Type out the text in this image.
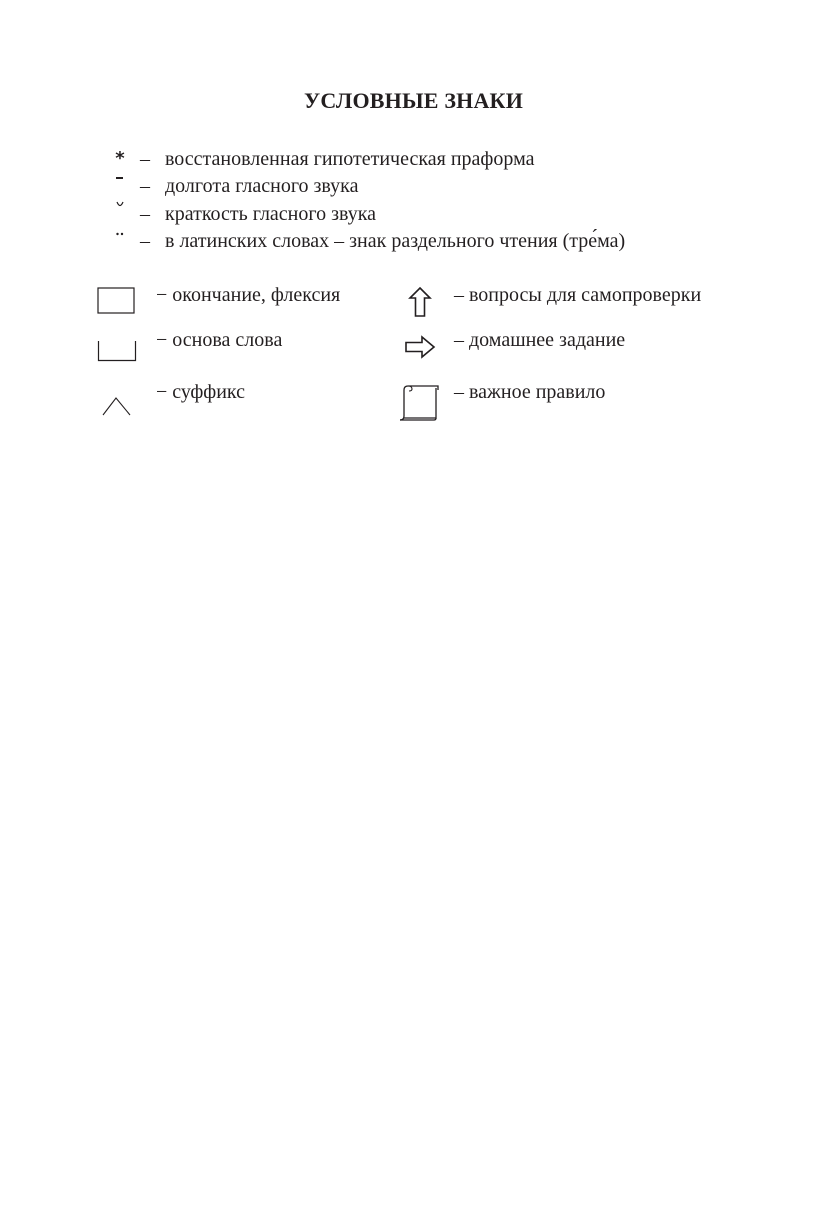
УСЛОВНЫЕ ЗНАКИ
* – восстановленная гипотетическая праформа
– долгота гласного звука
– краткость гласного звука
– в латинских словах – знак раздельного чтения (тре́ма)
− окончание, флексия
− основа слова
− суффикс
– вопросы для самопроверки
– домашнее задание
– важное правило
